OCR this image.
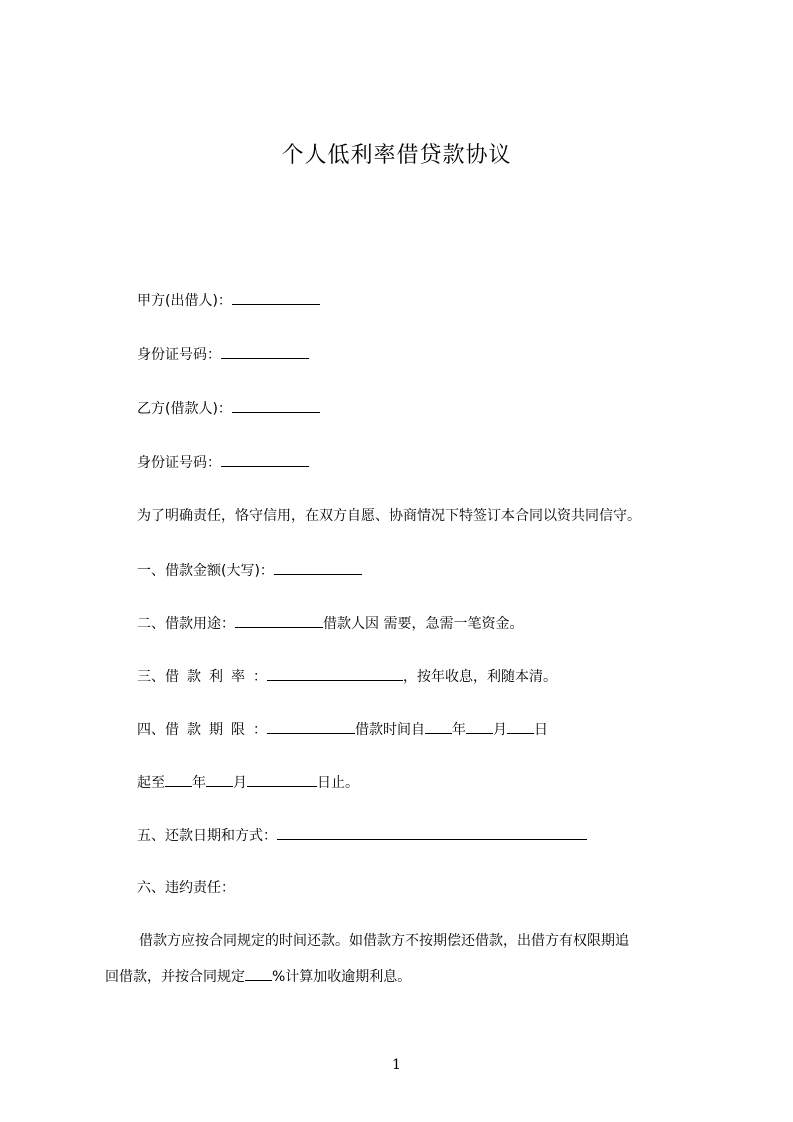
个人低利率借贷款协议
甲方(出借人)：
身份证号码：
乙方(借款人)：
身份证号码：
为了明确责任，恪守信用，在双方自愿、协商情况下特签订本合同以资共同信守。
一、借款金额(大写)：
二、借款用途：	借款人因 需要，急需一笔资金。
三、借款利率：	，按年收息，利随本清。
四、借款期限：	借款时间自 年 月 日
起至 年 月	日止。
五、还款日期和方式：
六、违约责任：
借款方应按合同规定的时间还款。如借款方不按期偿还借款，出借方有权限期追
回借款，并按合同规定 %计算加收逾期利息。
1
